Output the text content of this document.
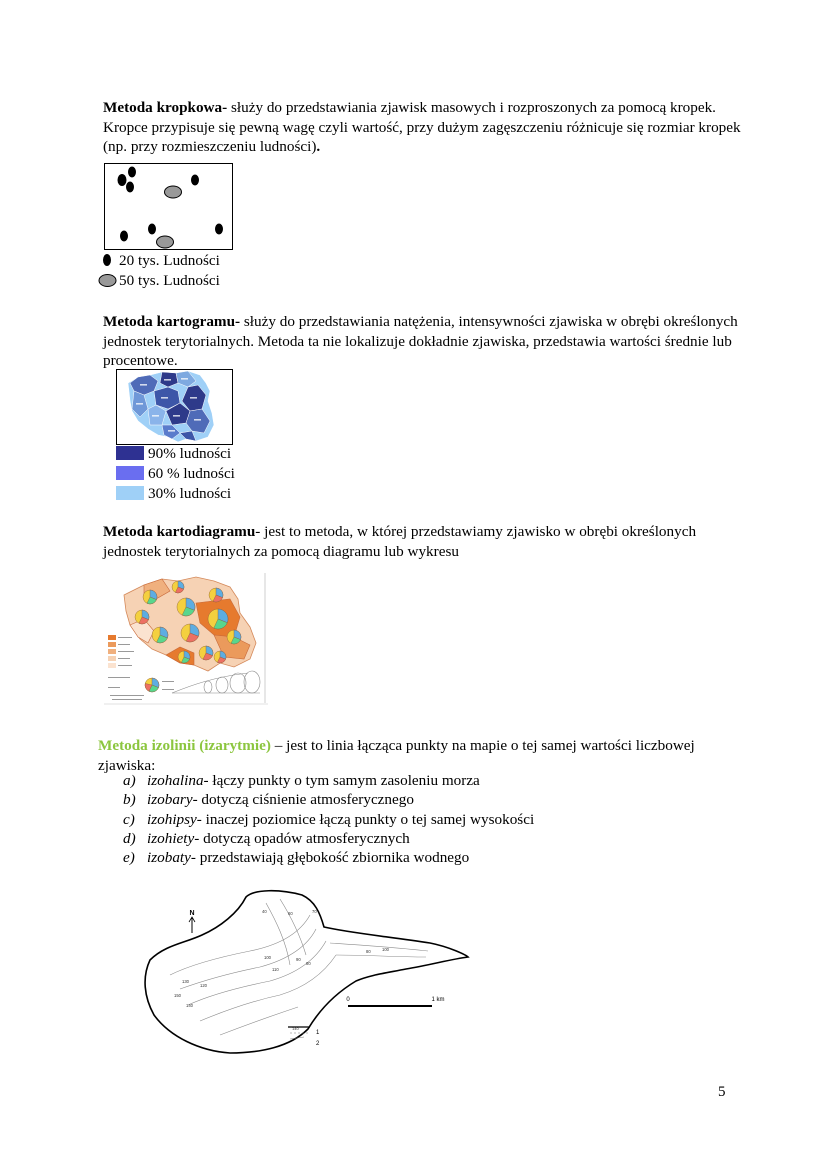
Metoda kropkowa- służy do przedstawiania zjawisk masowych i rozproszonych za pomocą kropek. Kropce przypisuje się pewną wagę czyli wartość, przy dużym zagęszczeniu różnicuje się rozmiar kropek (np. przy rozmieszczeniu ludności).
20 tys. Ludności
50 tys. Ludności
Metoda kartogramu- służy do przedstawiania natężenia, intensywności zjawiska w obrębi określonych jednostek terytorialnych. Metoda ta nie lokalizuje dokładnie zjawiska, przedstawia wartości średnie lub procentowe.
90% ludności
60 % ludności
30% ludności
Metoda kartodiagramu- jest to metoda, w której przedstawiamy zjawisko w obrębi określonych jednostek terytorialnych za pomocą diagramu lub wykresu
Metoda izolinii (izarytmie) – jest to linia łącząca punkty na mapie o tej samej wartości liczbowej zjawiska:
a) izohalina- łączy punkty o tym samym zasoleniu morza
b) izobary- dotyczą ciśnienie atmosferycznego
c) izohipsy- inaczej poziomice łączą punkty o tej samej wysokości
d) izohiety- dotyczą opadów atmosferycznych
e) izobaty- przedstawiają głębokość zbiornika wodnego
N	40	60	70
80
100
110
120
130
140
150
90
100
80
0	1 km
140
1
2
5
